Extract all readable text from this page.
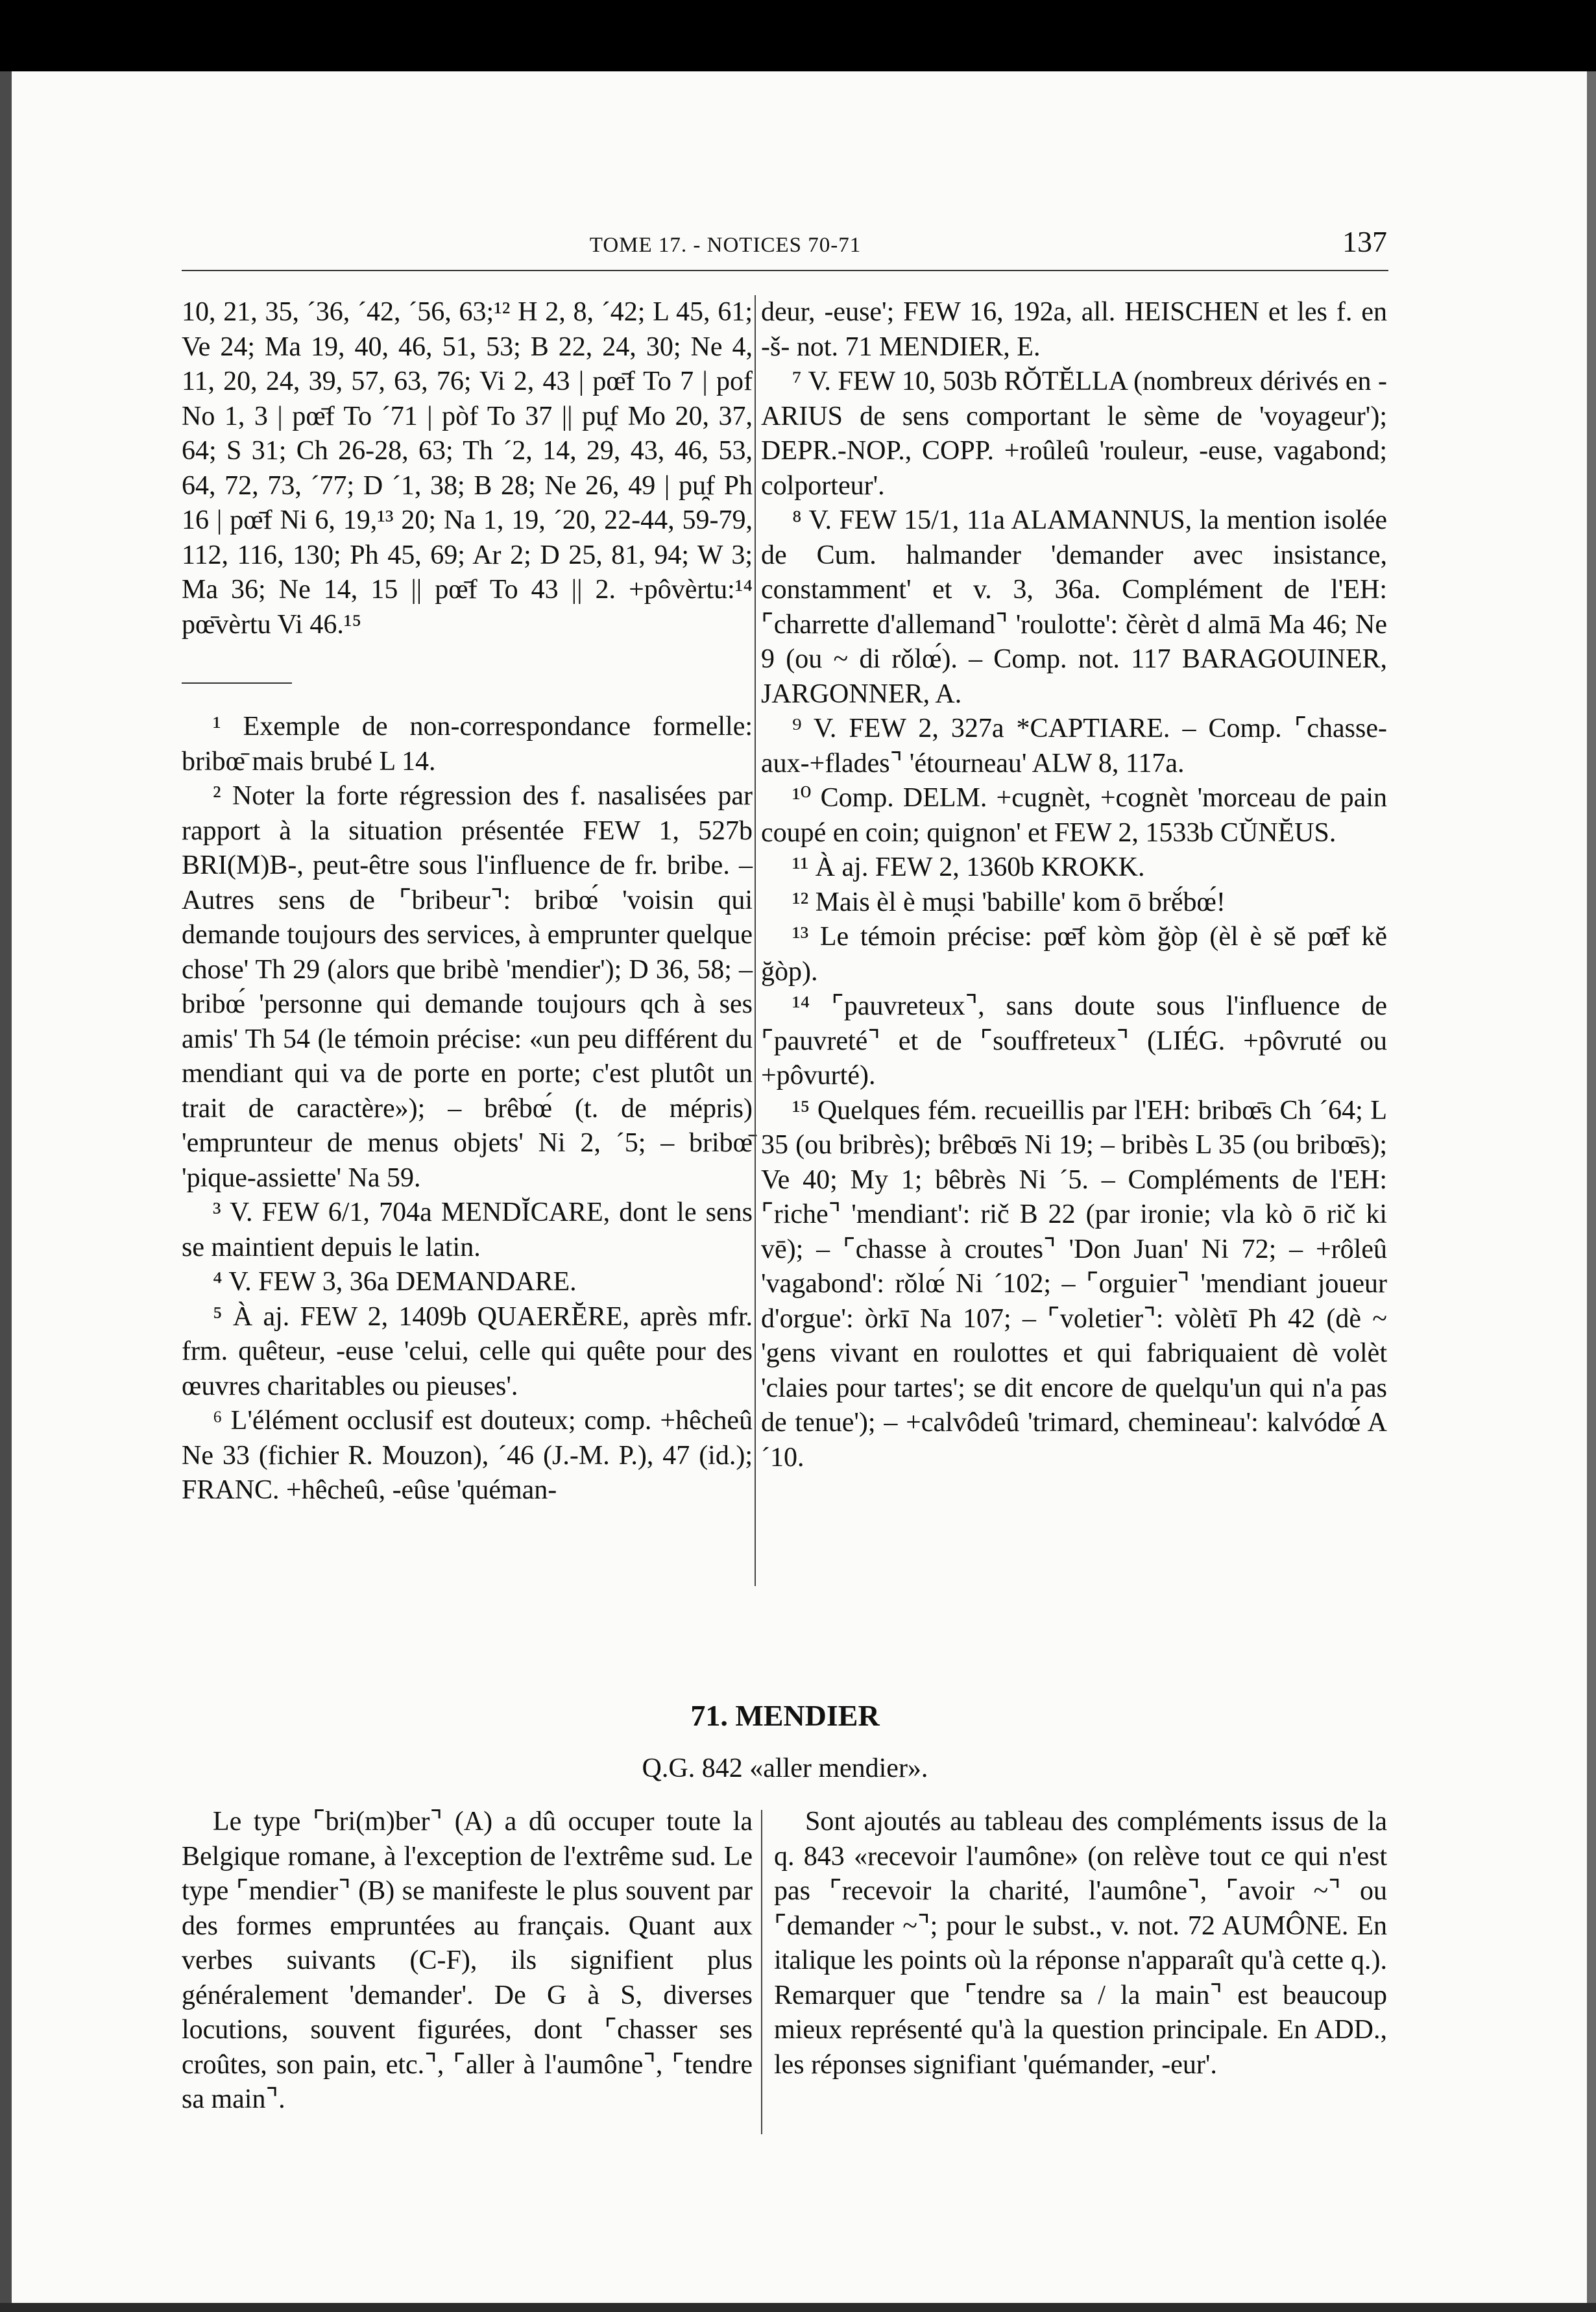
TOME 17. - NOTICES 70-71	137

10, 21, 35, ´36, ´42, ´56, 63;¹² H 2, 8, ´42; L 45, 61; Ve 24; Ma 19, 40, 46, 51, 53; B 22, 24, 30; Ne 4, 11, 20, 24, 39, 57, 63, 76; Vi 2, 43 | pœ̄f To 7 | pof No 1, 3 | pœ̄f To ´71 | pòf To 37 || pu̯f Mo 20, 37, 64; S 31; Ch 26-28, 63; Th ´2, 14, 29, 43, 46, 53, 64, 72, 73, ´77; D ´1, 38; B 28; Ne 26, 49 | pu̯f Ph 16 | pœ̄f Ni 6, 19,¹³ 20; Na 1, 19, ´20, 22-44, 59-79, 112, 116, 130; Ph 45, 69; Ar 2; D 25, 81, 94; W 3; Ma 36; Ne 14, 15 || pœ̄f To 43 || 2. +pôvèrtu:¹⁴ pœ̄vèrtu Vi 46.¹⁵

¹ Exemple de non-correspondance formelle: bribœ̄ mais brubé L 14.

² Noter la forte régression des f. nasalisées par rapport à la situation présentée FEW 1, 527b BRI(M)B-, peut-être sous l'influence de fr. bribe. – Autres sens de ⌜bribeur⌝: bribœ́ 'voisin qui demande toujours des services, à emprunter quelque chose' Th 29 (alors que bribè 'mendier'); D 36, 58; – bribœ́ 'personne qui demande toujours qch à ses amis' Th 54 (le témoin précise: «un peu différent du mendiant qui va de porte en porte; c'est plutôt un trait de caractère»); – brêbœ́ (t. de mépris) 'emprunteur de menus objets' Ni 2, ´5; – bribœ̄ 'pique-assiette' Na 59.

³ V. FEW 6/1, 704a MENDĬCARE, dont le sens se maintient depuis le latin.

⁴ V. FEW 3, 36a DEMANDARE.

⁵ À aj. FEW 2, 1409b QUAERĔRE, après mfr. frm. quêteur, -euse 'celui, celle qui quête pour des œuvres charitables ou pieuses'.

⁶ L'élément occlusif est douteux; comp. +hêcheû Ne 33 (fichier R. Mouzon), ´46 (J.-M. P.), 47 (id.); FRANC. +hêcheû, -eûse 'quéman-

deur, -euse'; FEW 16, 192a, all. HEISCHEN et les f. en -š- not. 71 MENDIER, E.

⁷ V. FEW 10, 503b RŎTĔLLA (nombreux dérivés en -ARIUS de sens comportant le sème de 'voyageur'); DEPR.-NOP., COPP. +roûleû 'rouleur, -euse, vagabond; colporteur'.

⁸ V. FEW 15/1, 11a ALAMANNUS, la mention isolée de Cum. halmander 'demander avec insistance, constamment' et v. 3, 36a. Complément de l'EH: ⌜charrette d'allemand⌝ 'roulotte': čèrèt d almā Ma 46; Ne 9 (ou ~ di rǒlœ́). – Comp. not. 117 BARAGOUINER, JARGONNER, A.

⁹ V. FEW 2, 327a *CAPTIARE. – Comp. ⌜chasse-aux-+flades⌝ 'étourneau' ALW 8, 117a.

¹⁰ Comp. DELM. +cugnèt, +cognèt 'morceau de pain coupé en coin; quignon' et FEW 2, 1533b CŬNĔUS.

¹¹ À aj. FEW 2, 1360b KROKK.

¹² Mais èl è mu̯si 'babille' kom ō brĕ́bœ́!

¹³ Le témoin précise: pœ̄f kòm ğòp (èl è sĕ pœ̄f kĕ ğòp).

¹⁴ ⌜pauvreteux⌝, sans doute sous l'influence de ⌜pauvreté⌝ et de ⌜souffreteux⌝ (LIÉG. +pôvruté ou +pôvurté).

¹⁵ Quelques fém. recueillis par l'EH: bribœ̄s Ch ´64; L 35 (ou bribrès); brêbœ̄s Ni 19; – bribès L 35 (ou bribœ̄s); Ve 40; My 1; bêbrès Ni ´5. – Compléments de l'EH: ⌜riche⌝ 'mendiant': rič B 22 (par ironie; vla kò ō rič ki vē); – ⌜chasse à croutes⌝ 'Don Juan' Ni 72; – +rôleû 'vagabond': rǒlœ́ Ni ´102; – ⌜orguier⌝ 'mendiant joueur d'orgue': òrkī Na 107; – ⌜voletier⌝: vòlètī Ph 42 (dè ~ 'gens vivant en roulottes et qui fabriquaient dè volèt 'claies pour tartes'; se dit encore de quelqu'un qui n'a pas de tenue'); – +calvôdeû 'trimard, chemineau': kalvódœ́ A ´10.

71. MENDIER
Q.G. 842 «aller mendier».
Le type ⌜bri(m)ber⌝ (A) a dû occuper toute la Belgique romane, à l'exception de l'extrême sud. Le type ⌜mendier⌝ (B) se manifeste le plus souvent par des formes empruntées au français. Quant aux verbes suivants (C-F), ils signifient plus généralement 'demander'. De G à S, diverses locutions, souvent figurées, dont ⌜chasser ses croûtes, son pain, etc.⌝, ⌜aller à l'aumône⌝, ⌜tendre sa main⌝.
Sont ajoutés au tableau des compléments issus de la q. 843 «recevoir l'aumône» (on relève tout ce qui n'est pas ⌜recevoir la charité, l'aumône⌝, ⌜avoir ~⌝ ou ⌜demander ~⌝; pour le subst., v. not. 72 AUMÔNE. En italique les points où la réponse n'apparaît qu'à cette q.). Remarquer que ⌜tendre sa / la main⌝ est beaucoup mieux représenté qu'à la question principale. En ADD., les réponses signifiant 'quémander, -eur'.
